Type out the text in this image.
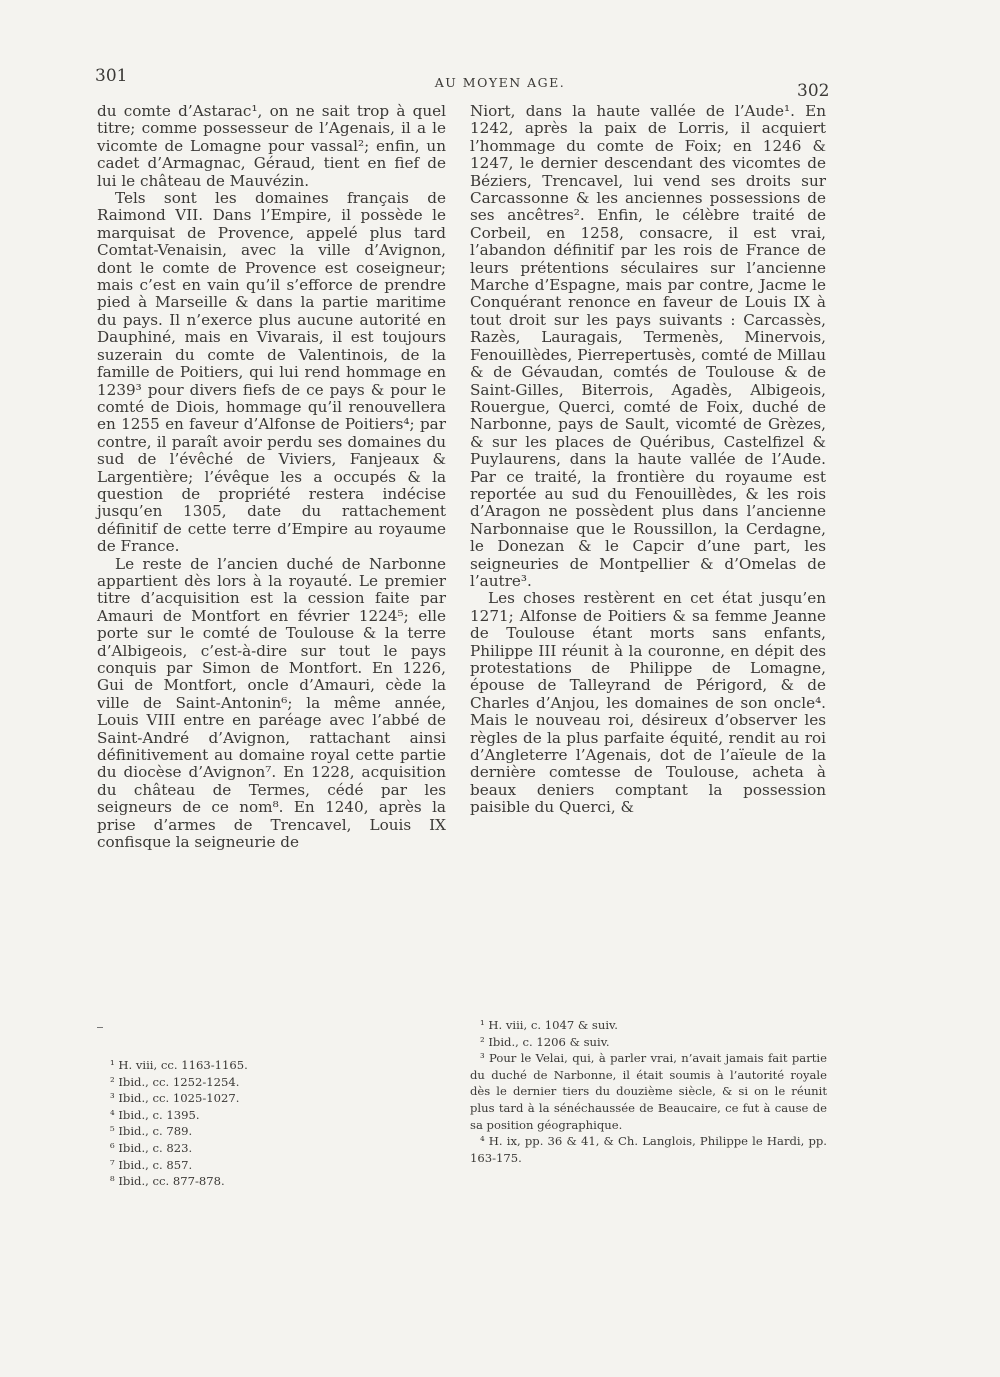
301	AU MOYEN AGE.	302

du comte d’Astarac¹, on ne sait trop à quel titre; comme possesseur de l’Agenais, il a le vicomte de Lomagne pour vassal²; enfin, un cadet d’Armagnac, Géraud, tient en fief de lui le château de Mauvézin.

Tels sont les domaines français de Raimond VII. Dans l’Empire, il possède le marquisat de Provence, appelé plus tard Comtat-Venaisin, avec la ville d’Avignon, dont le comte de Provence est coseigneur; mais c’est en vain qu’il s’efforce de prendre pied à Marseille & dans la partie maritime du pays. Il n’exerce plus aucune autorité en Dauphiné, mais en Vivarais, il est toujours suzerain du comte de Valentinois, de la famille de Poitiers, qui lui rend hommage en 1239³ pour divers fiefs de ce pays & pour le comté de Diois, hommage qu’il renouvellera en 1255 en faveur d’Alfonse de Poitiers⁴; par contre, il paraît avoir perdu ses domaines du sud de l’évêché de Viviers, Fanjeaux & Largentière; l’évêque les a occupés & la question de propriété restera indécise jusqu’en 1305, date du rattachement définitif de cette terre d’Empire au royaume de France.

Le reste de l’ancien duché de Narbonne appartient dès lors à la royauté. Le premier titre d’acquisition est la cession faite par Amauri de Montfort en février 1224⁵; elle porte sur le comté de Toulouse & la terre d’Albigeois, c’est-à-dire sur tout le pays conquis par Simon de Montfort. En 1226, Gui de Montfort, oncle d’Amauri, cède la ville de Saint-Antonin⁶; la même année, Louis VIII entre en paréage avec l’abbé de Saint-André d’Avignon, rattachant ainsi définitivement au domaine royal cette partie du diocèse d’Avignon⁷. En 1228, acquisition du château de Termes, cédé par les seigneurs de ce nom⁸. En 1240, après la prise d’armes de Trencavel, Louis IX confisque la seigneurie de

Niort, dans la haute vallée de l’Aude¹. En 1242, après la paix de Lorris, il acquiert l’hommage du comte de Foix; en 1246 & 1247, le dernier descendant des vicomtes de Béziers, Trencavel, lui vend ses droits sur Carcassonne & les anciennes possessions de ses ancêtres². Enfin, le célèbre traité de Corbeil, en 1258, consacre, il est vrai, l’abandon définitif par les rois de France de leurs prétentions séculaires sur l’ancienne Marche d’Espagne, mais par contre, Jacme le Conquérant renonce en faveur de Louis IX à tout droit sur les pays suivants : Carcassès, Razès, Lauragais, Termenès, Minervois, Fenouillèdes, Pierrepertusès, comté de Millau & de Gévaudan, comtés de Toulouse & de Saint-Gilles, Biterrois, Agadès, Albigeois, Rouergue, Querci, comté de Foix, duché de Narbonne, pays de Sault, vicomté de Grèzes, & sur les places de Quéribus, Castelfizel & Puylaurens, dans la haute vallée de l’Aude. Par ce traité, la frontière du royaume est reportée au sud du Fenouillèdes, & les rois d’Aragon ne possèdent plus dans l’ancienne Narbonnaise que le Roussillon, la Cerdagne, le Donezan & le Capcir d’une part, les seigneuries de Montpellier & d’Omelas de l’autre³.

Les choses restèrent en cet état jusqu’en 1271; Alfonse de Poitiers & sa femme Jeanne de Toulouse étant morts sans enfants, Philippe III réunit à la couronne, en dépit des protestations de Philippe de Lomagne, épouse de Talleyrand de Périgord, & de Charles d’Anjou, les domaines de son oncle⁴. Mais le nouveau roi, désireux d’observer les règles de la plus parfaite équité, rendit au roi d’Angleterre l’Agenais, dot de l’aïeule de la dernière comtesse de Toulouse, acheta à beaux deniers comptant la possession paisible du Querci, &

¹ H. viii, cc. 1163-1165.
² Ibid., cc. 1252-1254.
³ Ibid., cc. 1025-1027.
⁴ Ibid., c. 1395.
⁵ Ibid., c. 789.
⁶ Ibid., c. 823.
⁷ Ibid., c. 857.
⁸ Ibid., cc. 877-878.
¹ H. viii, c. 1047 & suiv.
² Ibid., c. 1206 & suiv.
³ Pour le Velai, qui, à parler vrai, n’avait jamais fait partie du duché de Narbonne, il était soumis à l’autorité royale dès le dernier tiers du douzième siècle, & si on le réunit plus tard à la sénéchaussée de Beaucaire, ce fut à cause de sa position géographique.
⁴ H. ix, pp. 36 & 41, & Ch. Langlois, Philippe le Hardi, pp. 163-175.
